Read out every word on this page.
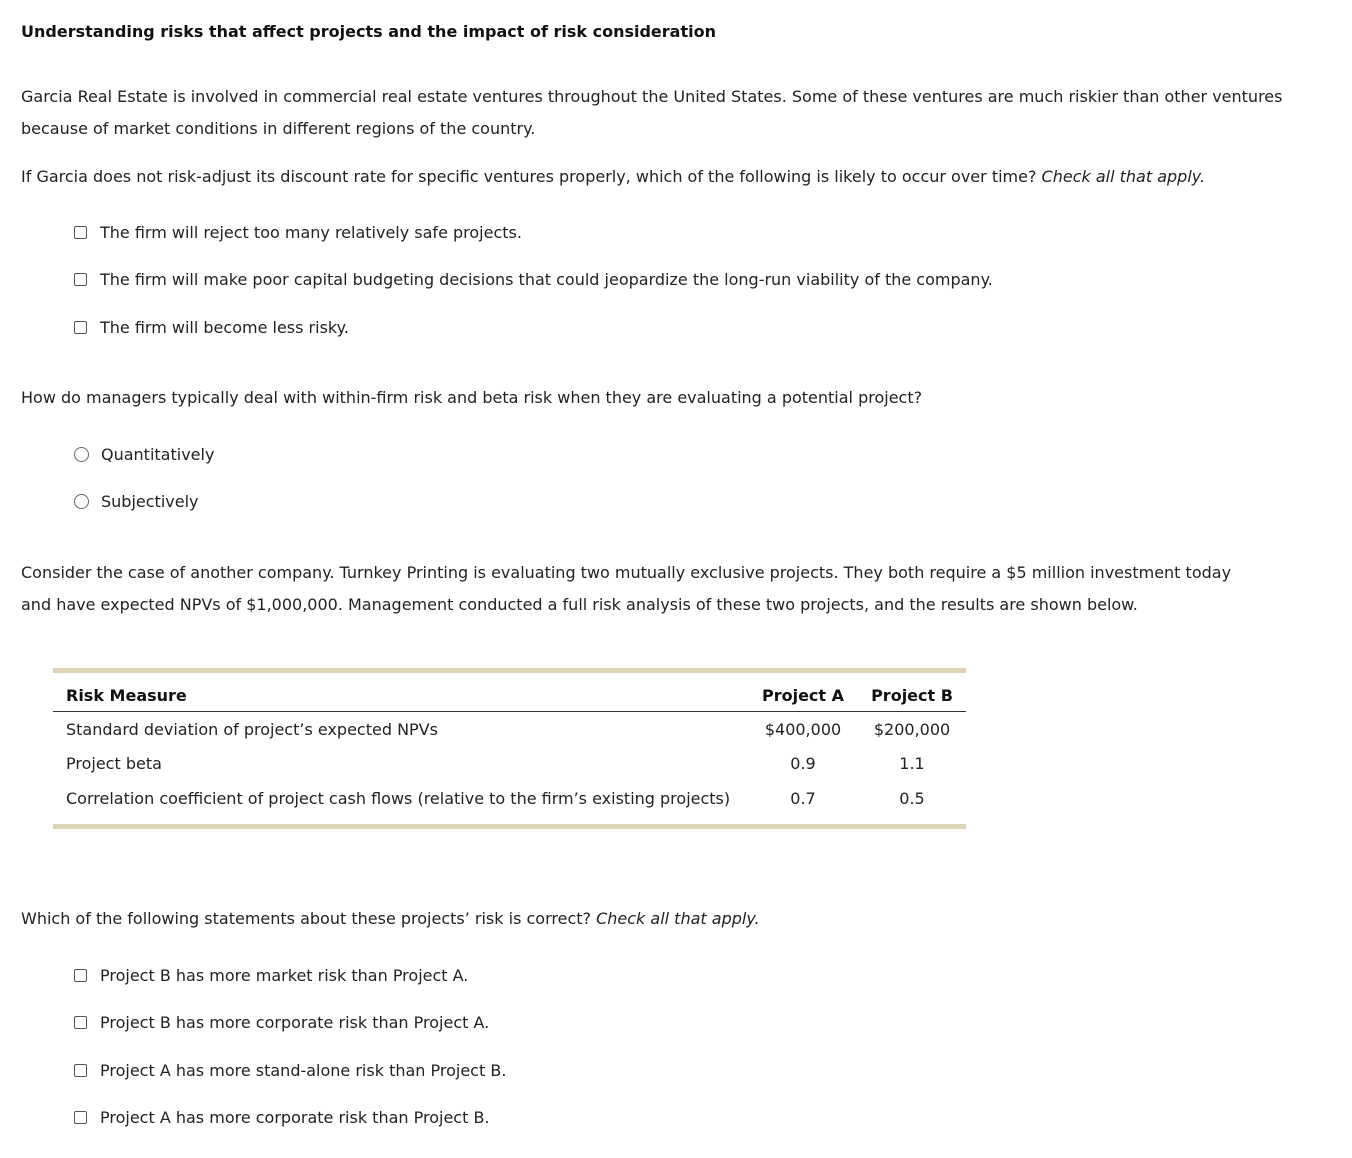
Understanding risks that affect projects and the impact of risk consideration
Garcia Real Estate is involved in commercial real estate ventures throughout the United States. Some of these ventures are much riskier than other ventures because of market conditions in different regions of the country.
If Garcia does not risk-adjust its discount rate for specific ventures properly, which of the following is likely to occur over time? Check all that apply.
The firm will reject too many relatively safe projects.
The firm will make poor capital budgeting decisions that could jeopardize the long-run viability of the company.
The firm will become less risky.
How do managers typically deal with within-firm risk and beta risk when they are evaluating a potential project?
Quantitatively
Subjectively
Consider the case of another company. Turnkey Printing is evaluating two mutually exclusive projects. They both require a $5 million investment today and have expected NPVs of $1,000,000. Management conducted a full risk analysis of these two projects, and the results are shown below.
Risk Measure	Project A	Project B
Standard deviation of project’s expected NPVs	$400,000	$200,000
Project beta	0.9	1.1
Correlation coefficient of project cash flows (relative to the firm’s existing projects)	0.7	0.5
Which of the following statements about these projects’ risk is correct? Check all that apply.
Project B has more market risk than Project A.
Project B has more corporate risk than Project A.
Project A has more stand-alone risk than Project B.
Project A has more corporate risk than Project B.
